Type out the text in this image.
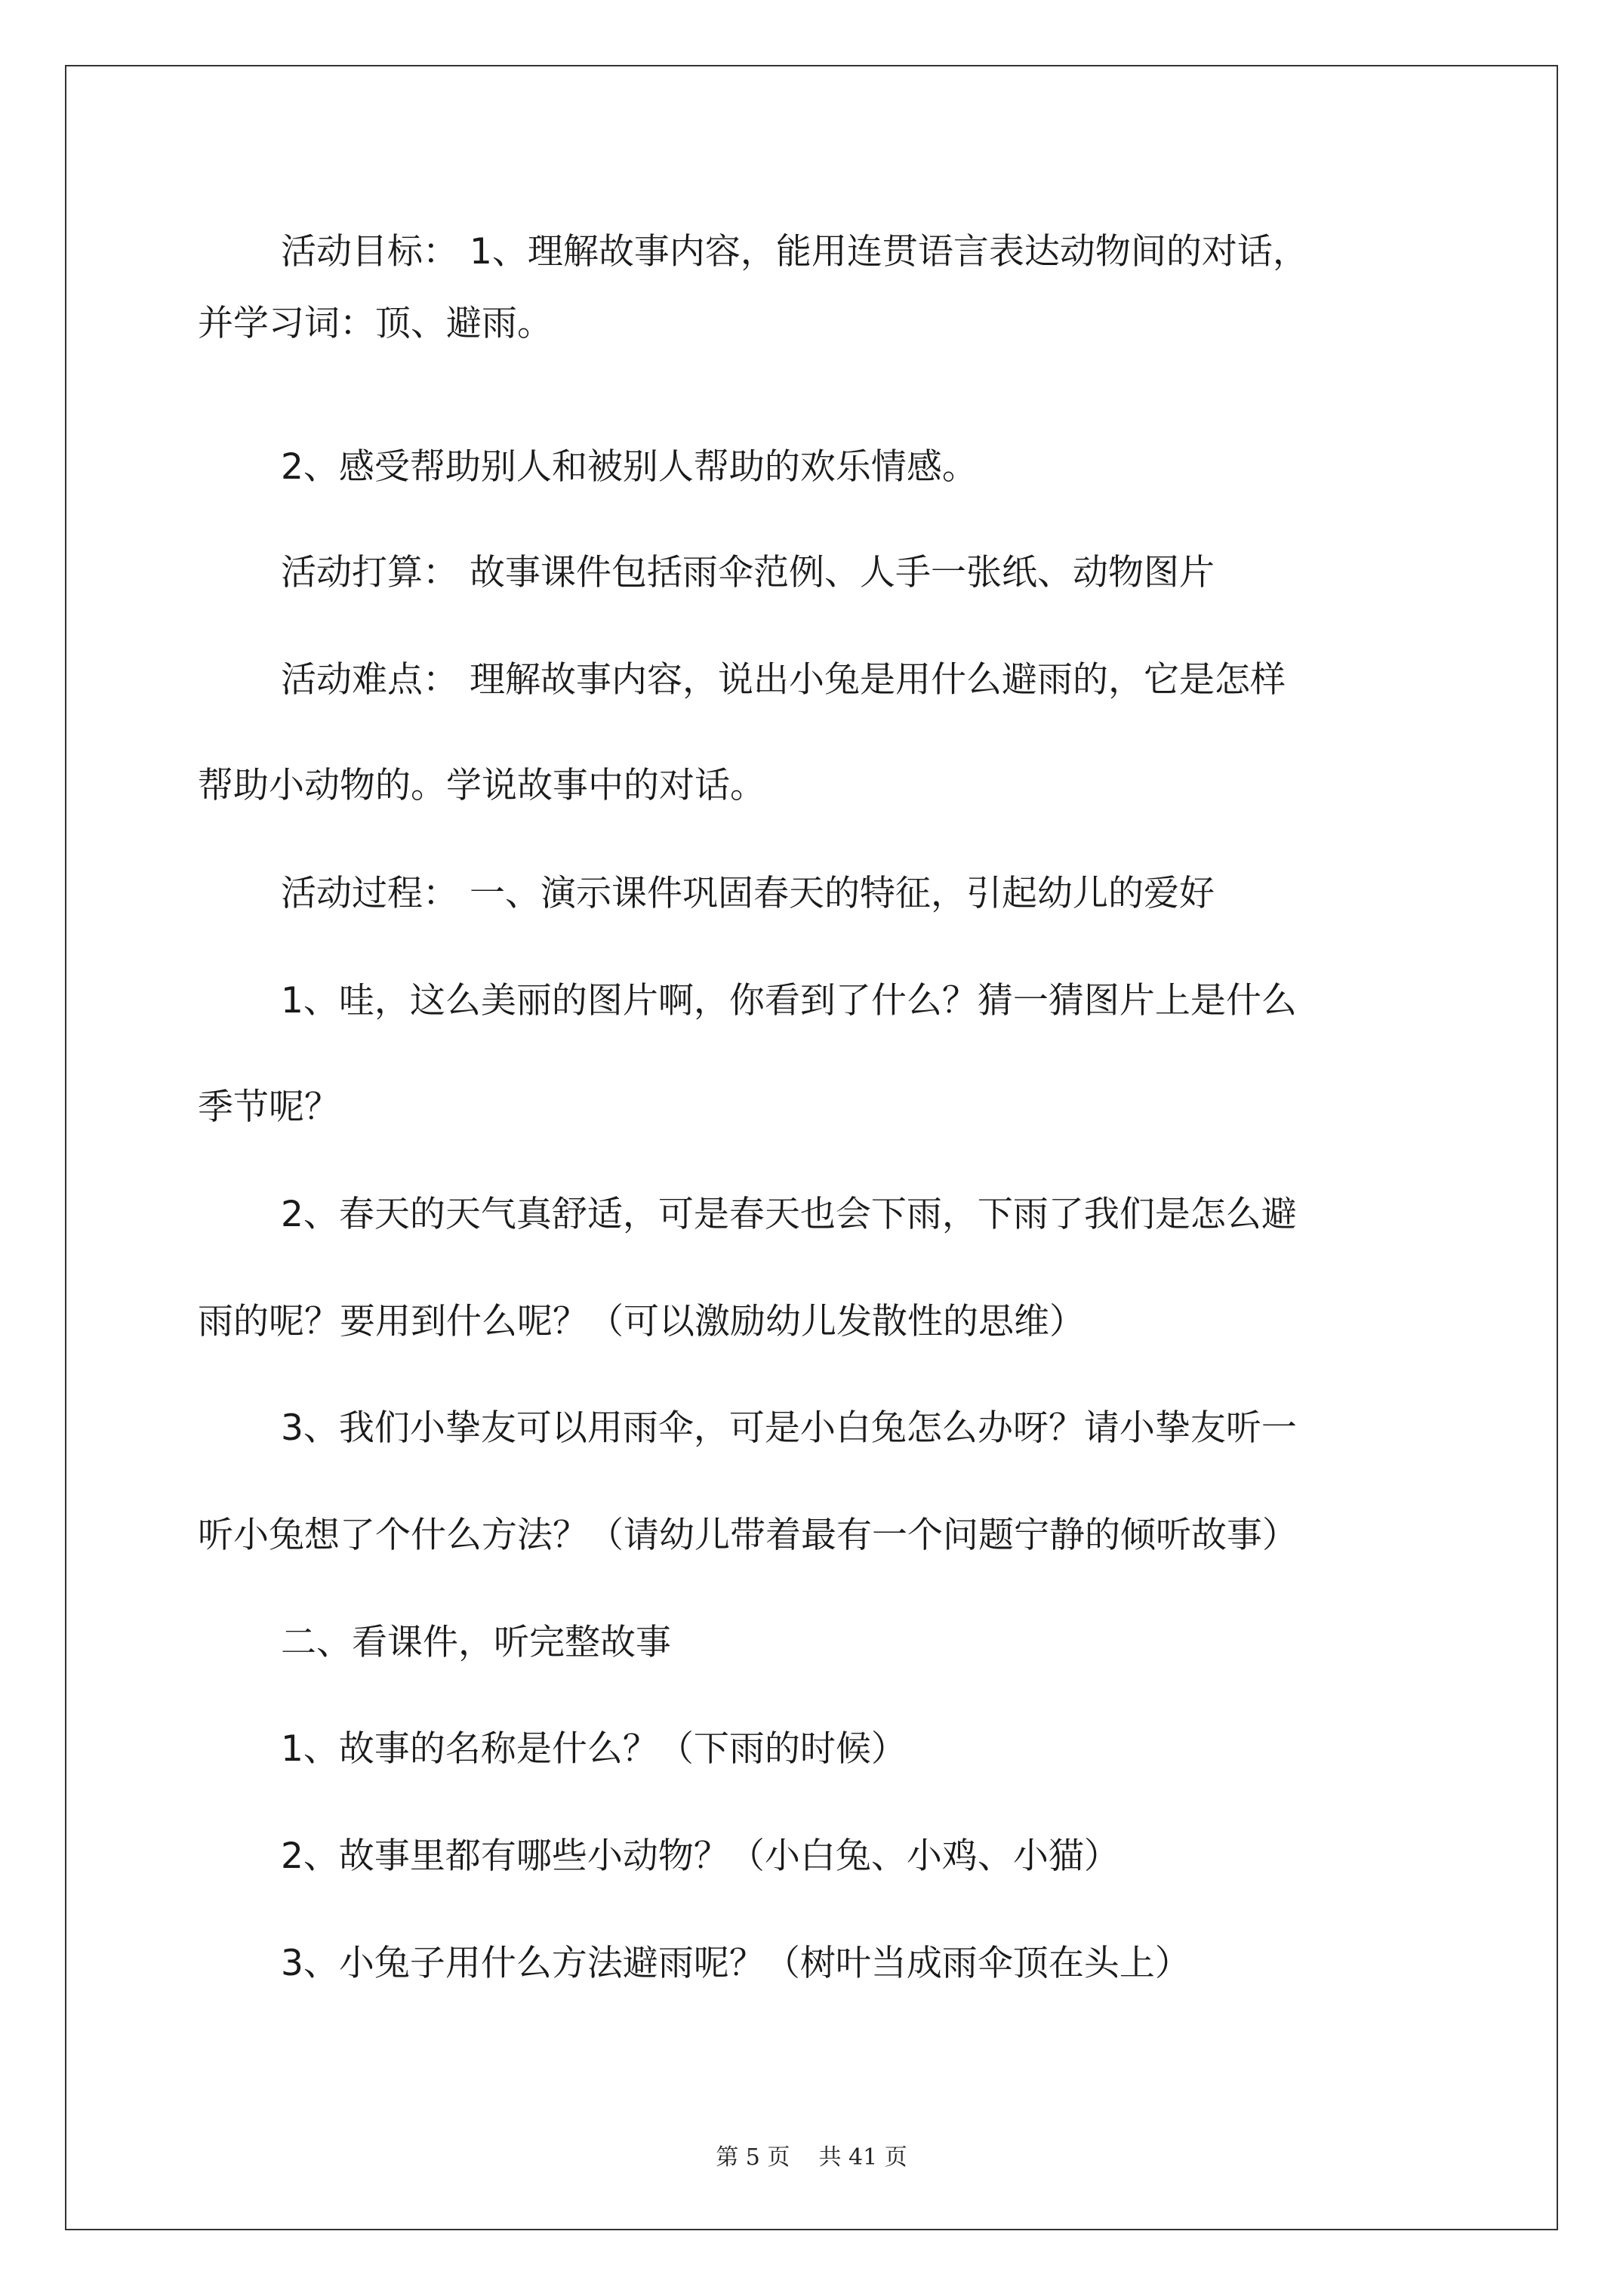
活动目标： 1、理解故事内容，能用连贯语言表达动物间的对话，

并学习词：顶、避雨。

2、感受帮助别人和被别人帮助的欢乐情感。

活动打算： 故事课件包括雨伞范例、人手一张纸、动物图片

活动难点： 理解故事内容，说出小兔是用什么避雨的，它是怎样

帮助小动物的。学说故事中的对话。

活动过程： 一、演示课件巩固春天的特征，引起幼儿的爱好

1、哇，这么美丽的图片啊，你看到了什么？猜一猜图片上是什么

季节呢？

2、春天的天气真舒适，可是春天也会下雨，下雨了我们是怎么避

雨的呢？要用到什么呢？（可以激励幼儿发散性的思维）

3、我们小挚友可以用雨伞，可是小白兔怎么办呀？请小挚友听一

听小兔想了个什么方法？（请幼儿带着最有一个问题宁静的倾听故事）

二、看课件，听完整故事

1、故事的名称是什么？（下雨的时候）

2、故事里都有哪些小动物？（小白兔、小鸡、小猫）

3、小兔子用什么方法避雨呢？（树叶当成雨伞顶在头上）

第 5 页    共 41 页
